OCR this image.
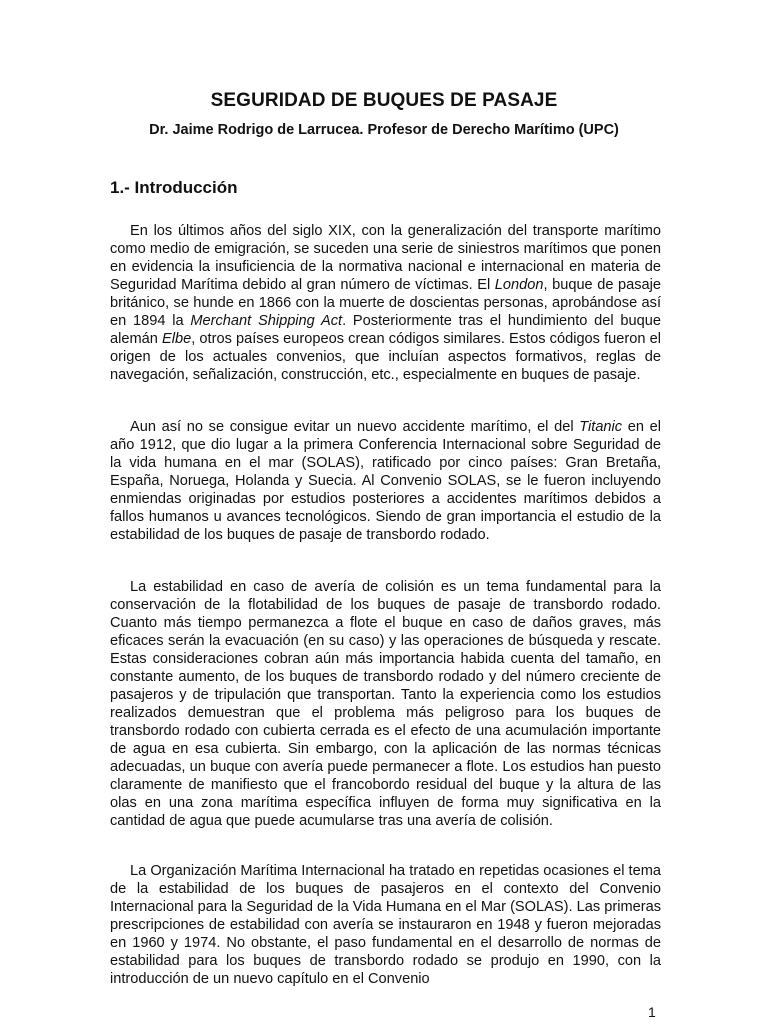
SEGURIDAD DE BUQUES DE PASAJE
Dr. Jaime Rodrigo de Larrucea. Profesor de Derecho Marítimo (UPC)
1.- Introducción

En los últimos años del siglo XIX, con la generalización del transporte marítimo como medio de emigración, se suceden una serie de siniestros marítimos que ponen en evidencia la insuficiencia de la normativa nacional e internacional en materia de Seguridad Marítima debido al gran número de víctimas. El London, buque de pasaje británico, se hunde en 1866 con la muerte de doscientas personas, aprobándose así en 1894 la Merchant Shipping Act. Posteriormente tras el hundimiento del buque alemán Elbe, otros países europeos crean códigos similares. Estos códigos fueron el origen de los actuales convenios, que incluían aspectos formativos, reglas de navegación, señalización, construcción, etc., especialmente en buques de pasaje.

Aun así no se consigue evitar un nuevo accidente marítimo, el del Titanic en el año 1912, que dio lugar a la primera Conferencia Internacional sobre Seguridad de la vida humana en el mar (SOLAS), ratificado por cinco países: Gran Bretaña, España, Noruega, Holanda y Suecia. Al Convenio SOLAS, se le fueron incluyendo enmiendas originadas por estudios posteriores a accidentes marítimos debidos a fallos humanos u avances tecnológicos. Siendo de gran importancia el estudio de la estabilidad de los buques de pasaje de transbordo rodado.

La estabilidad en caso de avería de colisión es un tema fundamental para la conservación de la flotabilidad de los buques de pasaje de transbordo rodado. Cuanto más tiempo permanezca a flote el buque en caso de daños graves, más eficaces serán la evacuación (en su caso) y las operaciones de búsqueda y rescate. Estas consideraciones cobran aún más importancia habida cuenta del tamaño, en constante aumento, de los buques de transbordo rodado y del número creciente de pasajeros y de tripulación que transportan. Tanto la experiencia como los estudios realizados demuestran que el problema más peligroso para los buques de transbordo rodado con cubierta cerrada es el efecto de una acumulación importante de agua en esa cubierta. Sin embargo, con la aplicación de las normas técnicas adecuadas, un buque con avería puede permanecer a flote. Los estudios han puesto claramente de manifiesto que el francobordo residual del buque y la altura de las olas en una zona marítima específica influyen de forma muy significativa en la cantidad de agua que puede acumularse tras una avería de colisión.

La Organización Marítima Internacional ha tratado en repetidas ocasiones el tema de la estabilidad de los buques de pasajeros en el contexto del Convenio Internacional para la Seguridad de la Vida Humana en el Mar (SOLAS). Las primeras prescripciones de estabilidad con avería se instauraron en 1948 y fueron mejoradas en 1960 y 1974. No obstante, el paso fundamental en el desarrollo de normas de estabilidad para los buques de transbordo rodado se produjo en 1990, con la introducción de un nuevo capítulo en el Convenio

1
